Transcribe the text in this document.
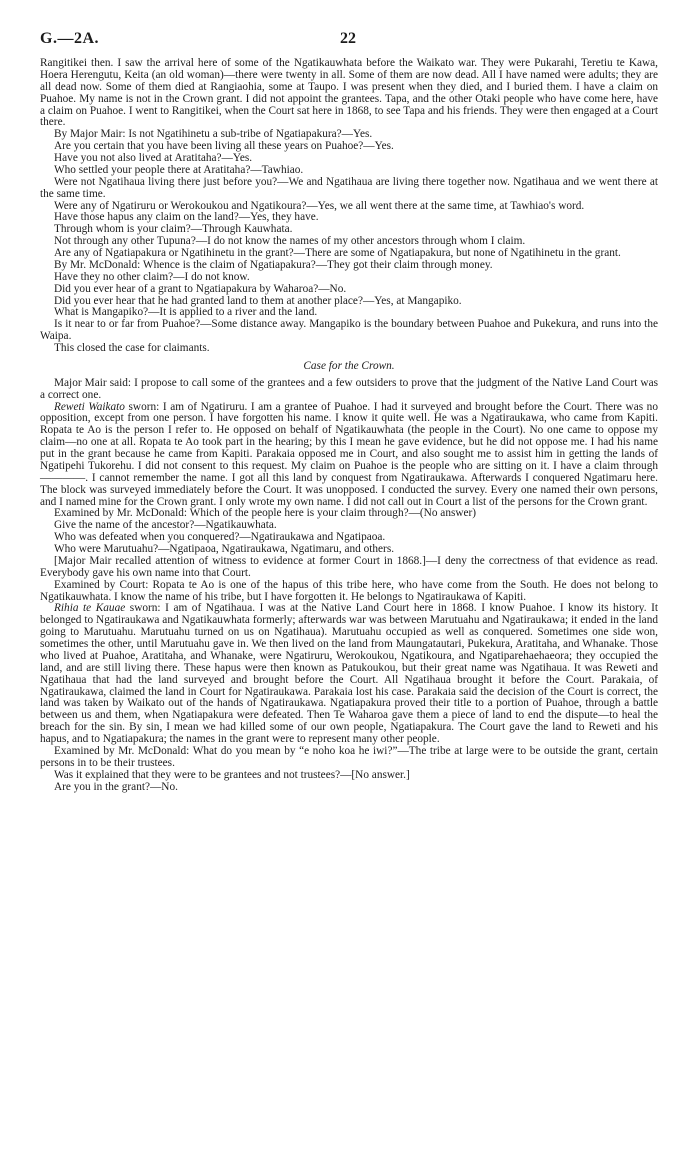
G.—2A.	22

Rangitikei then. I saw the arrival here of some of the Ngatikauwhata before the Waikato war. They were Pukarahi, Teretiu te Kawa, Hoera Herengutu, Keita (an old woman)—there were twenty in all. Some of them are now dead. All I have named were adults; they are all dead now. Some of them died at Rangiaohia, some at Taupo. I was present when they died, and I buried them. I have a claim on Puahoe. My name is not in the Crown grant. I did not appoint the grantees. Tapa, and the other Otaki people who have come here, have a claim on Puahoe. I went to Rangitikei, when the Court sat here in 1868, to see Tapa and his friends. They were then engaged at a Court there.

By Major Mair: Is not Ngatihinetu a sub-tribe of Ngatiapakura?—Yes.

Are you certain that you have been living all these years on Puahoe?—Yes.

Have you not also lived at Aratitaha?—Yes.

Who settled your people there at Aratitaha?—Tawhiao.

Were not Ngatihaua living there just before you?—We and Ngatihaua are living there together now. Ngatihaua and we went there at the same time.

Were any of Ngatiruru or Werokoukou and Ngatikoura?—Yes, we all went there at the same time, at Tawhiao's word.

Have those hapus any claim on the land?—Yes, they have.

Through whom is your claim?—Through Kauwhata.

Not through any other Tupuna?—I do not know the names of my other ancestors through whom I claim.

Are any of Ngatiapakura or Ngatihinetu in the grant?—There are some of Ngatiapakura, but none of Ngatihinetu in the grant.

By Mr. McDonald: Whence is the claim of Ngatiapakura?—They got their claim through money.

Have they no other claim?—I do not know.

Did you ever hear of a grant to Ngatiapakura by Waharoa?—No.

Did you ever hear that he had granted land to them at another place?—Yes, at Mangapiko.

What is Mangapiko?—It is applied to a river and the land.

Is it near to or far from Puahoe?—Some distance away. Mangapiko is the boundary between Puahoe and Pukekura, and runs into the Waipa.

This closed the case for claimants.

Case for the Crown.

Major Mair said: I propose to call some of the grantees and a few outsiders to prove that the judgment of the Native Land Court was a correct one.

Reweti Waikato sworn: I am of Ngatiruru. I am a grantee of Puahoe. I had it surveyed and brought before the Court. There was no opposition, except from one person. I have forgotten his name. I know it quite well. He was a Ngatiraukawa, who came from Kapiti. Ropata te Ao is the person I refer to. He opposed on behalf of Ngatikauwhata (the people in the Court). No one came to oppose my claim—no one at all. Ropata te Ao took part in the hearing; by this I mean he gave evidence, but he did not oppose me. I had his name put in the grant because he came from Kapiti. Parakaia opposed me in Court, and also sought me to assist him in getting the lands of Ngatipehi Tukorehu. I did not consent to this request. My claim on Puahoe is the people who are sitting on it. I have a claim through ————. I cannot remember the name. I got all this land by conquest from Ngatiraukawa. Afterwards I conquered Ngatimaru here. The block was surveyed immediately before the Court. It was unopposed. I conducted the survey. Every one named their own persons, and I named mine for the Crown grant. I only wrote my own name. I did not call out in Court a list of the persons for the Crown grant.

Examined by Mr. McDonald: Which of the people here is your claim through?—(No answer)

Give the name of the ancestor?—Ngatikauwhata.

Who was defeated when you conquered?—Ngatiraukawa and Ngatipaoa.

Who were Marutuahu?—Ngatipaoa, Ngatiraukawa, Ngatimaru, and others.

[Major Mair recalled attention of witness to evidence at former Court in 1868.]—I deny the correctness of that evidence as read. Everybody gave his own name into that Court.

Examined by Court: Ropata te Ao is one of the hapus of this tribe here, who have come from the South. He does not belong to Ngatikauwhata. I know the name of his tribe, but I have forgotten it. He belongs to Ngatiraukawa of Kapiti.

Rihia te Kauae sworn: I am of Ngatihaua. I was at the Native Land Court here in 1868. I know Puahoe. I know its history. It belonged to Ngatiraukawa and Ngatikauwhata formerly; afterwards war was between Marutuahu and Ngatiraukawa; it ended in the land going to Marutuahu. Marutuahu turned on us on Ngatihaua). Marutuahu occupied as well as conquered. Sometimes one side won, sometimes the other, until Marutuahu gave in. We then lived on the land from Maungatautari, Pukekura, Aratitaha, and Whanake. Those who lived at Puahoe, Aratitaha, and Whanake, were Ngatiruru, Werokoukou, Ngatikoura, and Ngatiparehaehaeora; they occupied the land, and are still living there. These hapus were then known as Patukoukou, but their great name was Ngatihaua. It was Reweti and Ngatihaua that had the land surveyed and brought before the Court. All Ngatihaua brought it before the Court. Parakaia, of Ngatiraukawa, claimed the land in Court for Ngatiraukawa. Parakaia lost his case. Parakaia said the decision of the Court is correct, the land was taken by Waikato out of the hands of Ngatiraukawa. Ngatiapakura proved their title to a portion of Puahoe, through a battle between us and them, when Ngatiapakura were defeated. Then Te Waharoa gave them a piece of land to end the dispute—to heal the breach for the sin. By sin, I mean we had killed some of our own people, Ngatiapakura. The Court gave the land to Reweti and his hapus, and to Ngatiapakura; the names in the grant were to represent many other people.

Examined by Mr. McDonald: What do you mean by “e noho koa he iwi?”—The tribe at large were to be outside the grant, certain persons in to be their trustees.

Was it explained that they were to be grantees and not trustees?—[No answer.]

Are you in the grant?—No.
